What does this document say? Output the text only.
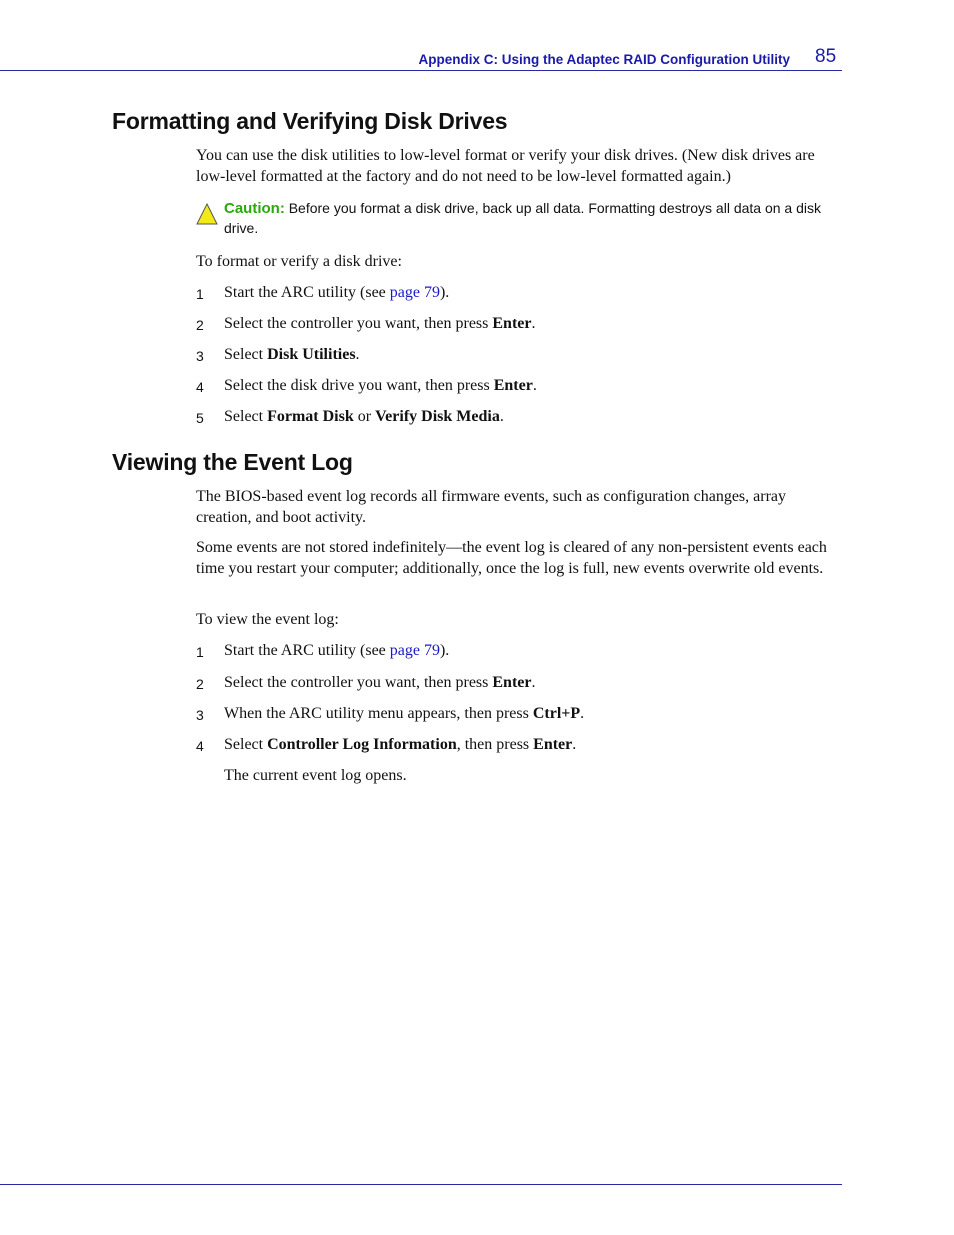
Appendix C: Using the Adaptec RAID Configuration Utility 85
Formatting and Verifying Disk Drives

You can use the disk utilities to low-level format or verify your disk drives. (New disk drives are low-level formatted at the factory and do not need to be low-level formatted again.)

Caution: Before you format a disk drive, back up all data. Formatting destroys all data on a disk drive.

To format or verify a disk drive:

1 Start the ARC utility (see page 79).
2 Select the controller you want, then press Enter.
3 Select Disk Utilities.
4 Select the disk drive you want, then press Enter.
5 Select Format Disk or Verify Disk Media.
Viewing the Event Log

The BIOS-based event log records all firmware events, such as configuration changes, array creation, and boot activity.

Some events are not stored indefinitely—the event log is cleared of any non-persistent events each time you restart your computer; additionally, once the log is full, new events overwrite old events.

To view the event log:

1 Start the ARC utility (see page 79).
2 Select the controller you want, then press Enter.
3 When the ARC utility menu appears, then press Ctrl+P.
4 Select Controller Log Information, then press Enter.
The current event log opens.
